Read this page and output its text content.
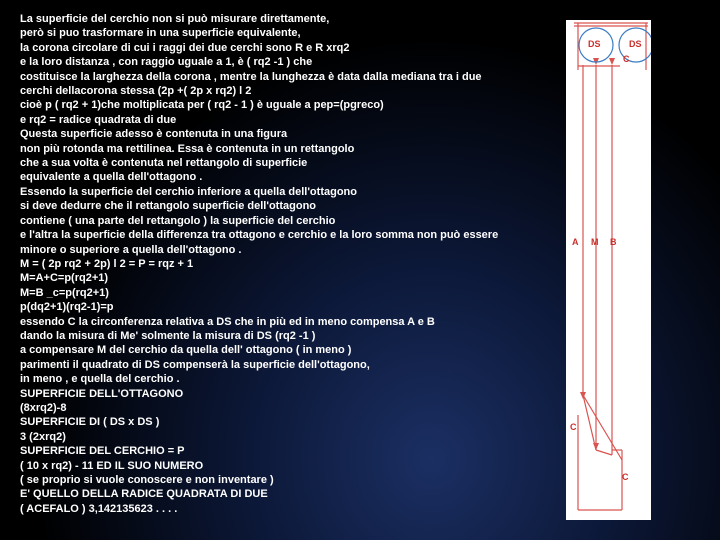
La superficie del cerchio non si può misurare direttamente,
però si puo trasformare in una superficie equivalente,
la corona circolare di cui i raggi dei due cerchi sono R e R xrq2
e la loro distanza , con raggio uguale a 1, è ( rq2 -1 ) che
costituisce la larghezza della corona , mentre la lunghezza è data dalla mediana tra i due
cerchi dellacorona stessa (2p +( 2p x rq2) l 2
cioè p ( rq2 + 1)che moltiplicata per ( rq2 - 1 ) è uguale a pep=(pgreco)
e rq2 = radice quadrata di due
Questa superficie adesso è contenuta in una figura
non più rotonda ma rettilinea. Essa è contenuta in un rettangolo
che a sua volta è contenuta nel rettangolo di superficie
equivalente a quella dell'ottagono .
Essendo la superficie del cerchio inferiore a quella dell'ottagono
si deve dedurre che il rettangolo superficie dell'ottagono
contiene ( una parte del rettangolo ) la superficie del cerchio
e l'altra la superficie della differenza tra ottagono e cerchio e la loro somma non può essere
minore o superiore a quella dell'ottagono .
M = ( 2p rq2 + 2p) l 2 = P = rqz + 1
M=A+C=p(rq2+1)
M=B _c=p(rq2+1)
p(dq2+1)(rq2-1)=p
essendo C la circonferenza relativa a DS che in più ed in meno compensa A e B
dando la misura di Me' solmente la misura di DS (rq2 -1 )
a compensare M del cerchio da quella dell' ottagono ( in meno )
parimenti il quadrato di DS compenserà la superficie dell'ottagono,
in meno , e quella del cerchio .
SUPERFICIE DELL'OTTAGONO
(8xrq2)-8
SUPERFICIE DI ( DS x DS )
3 (2xrq2)
SUPERFICIE DEL CERCHIO = P
( 10 x rq2) - 11 ED IL SUO NUMERO
( se proprio si vuole conoscere e non inventare )
E' QUELLO DELLA RADICE QUADRATA DI DUE
( ACEFALO ) 3,142135623 . . . .
DS	DS
C
A M B
C
C
